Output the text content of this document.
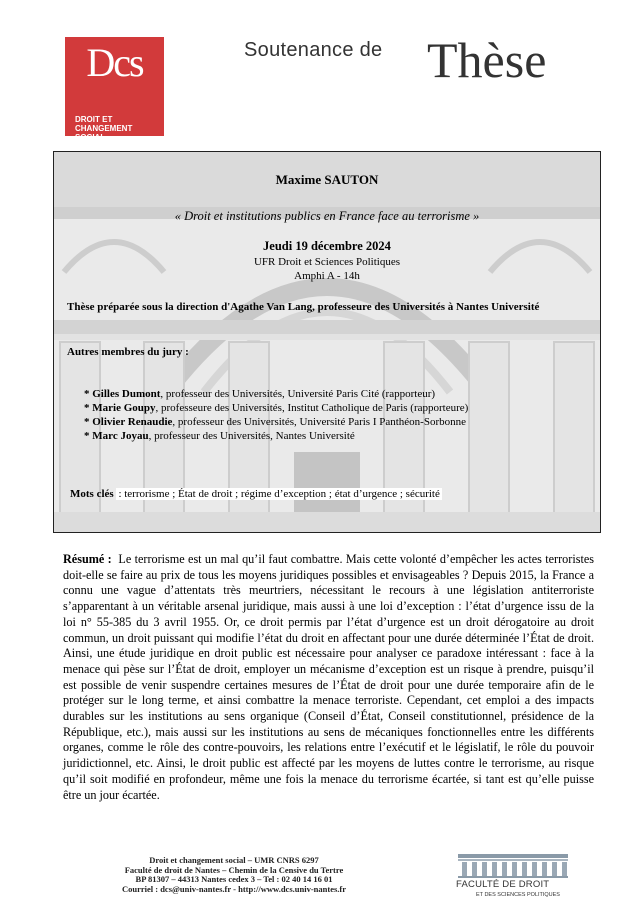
Dcs
DROIT ET
CHANGEMENT SOCIAL
Soutenance de Thèse
Maxime SAUTON
« Droit et institutions publics en France face au terrorisme »
Jeudi 19 décembre 2024
UFR Droit et Sciences Politiques
Amphi A - 14h
Thèse préparée sous la direction d'Agathe Van Lang, professeure des Universités à Nantes Université
Autres membres du jury :
* Gilles Dumont, professeur des Universités, Université Paris Cité (rapporteur)
* Marie Goupy, professeure des Universités, Institut Catholique de Paris (rapporteure)
* Olivier Renaudie, professeur des Universités, Université Paris I Panthéon-Sorbonne
* Marc Joyau, professeur des Universités, Nantes Université
Mots clés : terrorisme ; État de droit ; régime d’exception ; état d’urgence ; sécurité
Résumé : Le terrorisme est un mal qu’il faut combattre. Mais cette volonté d’empêcher les actes terroristes doit-elle se faire au prix de tous les moyens juridiques possibles et envisageables ? Depuis 2015, la France a connu une vague d’attentats très meurtriers, nécessitant le recours à une législation antiterroriste s’apparentant à un véritable arsenal juridique, mais aussi à une loi d’exception : l’état d’urgence issu de la loi n° 55-385 du 3 avril 1955. Or, ce droit permis par l’état d’urgence est un droit dérogatoire au droit commun, un droit puissant qui modifie l’état du droit en affectant pour une durée déterminée l’État de droit. Ainsi, une étude juridique en droit public est nécessaire pour analyser ce paradoxe intéressant : face à la menace qui pèse sur l’État de droit, employer un mécanisme d’exception est un risque à prendre, puisqu’il est possible de venir suspendre certaines mesures de l’État de droit pour une durée temporaire afin de le protéger sur le long terme, et ainsi combattre la menace terroriste. Cependant, cet emploi a des impacts durables sur les institutions au sens organique (Conseil d’État, Conseil constitutionnel, présidence de la République, etc.), mais aussi sur les institutions au sens de mécaniques fonctionnelles entre les différents organes, comme le rôle des contre-pouvoirs, les relations entre l’exécutif et le législatif, le rôle du pouvoir juridictionnel, etc. Ainsi, le droit public est affecté par les moyens de luttes contre le terrorisme, au risque qu’il soit modifié en profondeur, même une fois la menace du terrorisme écartée, si tant est qu’elle puisse être un jour écartée.
Droit et changement social – UMR CNRS 6297
Faculté de droit de Nantes – Chemin de la Censive du Tertre
BP 81307 – 44313 Nantes cedex 3 – Tel : 02 40 14 16 01
Courriel : dcs@univ-nantes.fr - http://www.dcs.univ-nantes.fr	FACULTÉ DE DROIT
ET DES SCIENCES POLITIQUES
